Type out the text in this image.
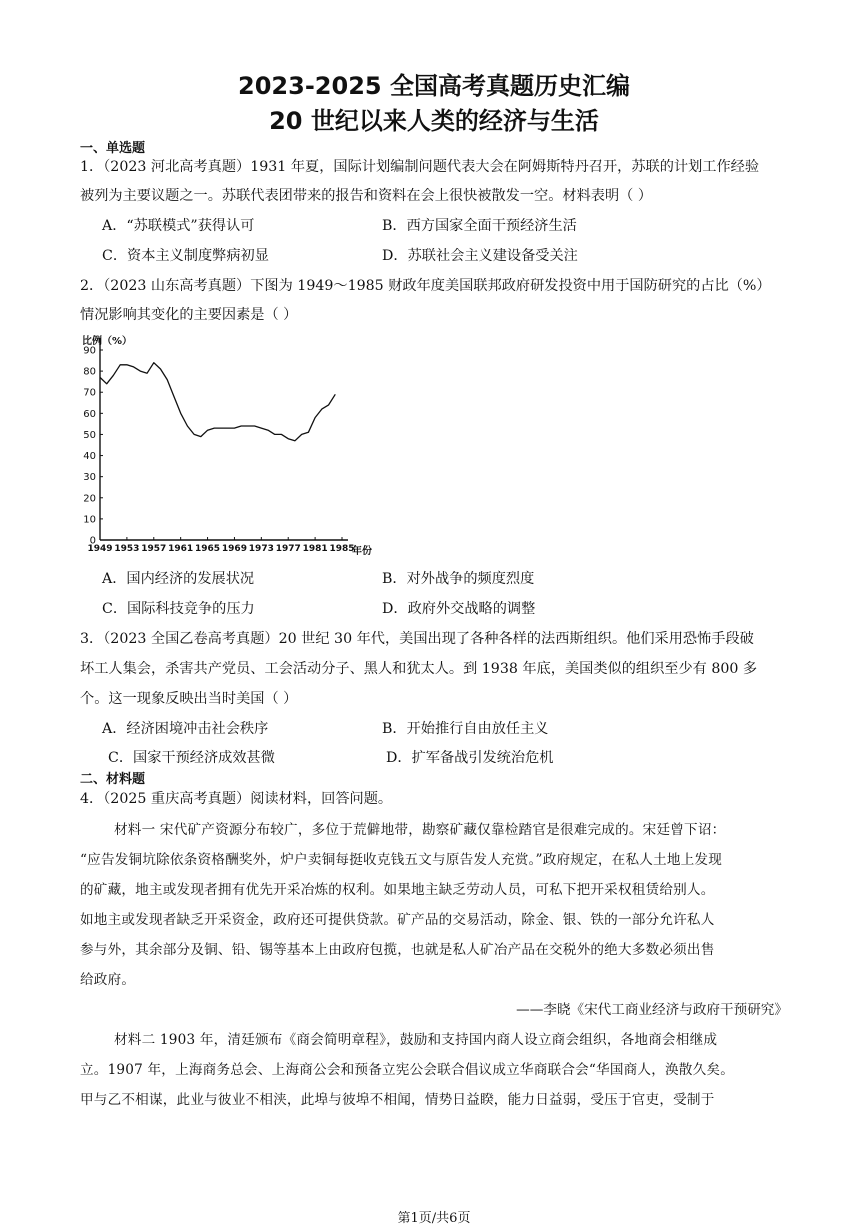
2023-2025 全国高考真题历史汇编
20 世纪以来人类的经济与生活
一、单选题
1．（2023 河北高考真题）1931 年夏，国际计划编制问题代表大会在阿姆斯特丹召开，苏联的计划工作经验
被列为主要议题之一。苏联代表团带来的报告和资料在会上很快被散发一空。材料表明（ ）
A．“苏联模式”获得认可	B．西方国家全面干预经济生活
C．资本主义制度弊病初显	D．苏联社会主义建设备受关注
2．（2023 山东高考真题）下图为 1949～1985 财政年度美国联邦政府研发投资中用于国防研究的占比（%）
情况影响其变化的主要因素是（ ）
比例（%）
年份
0
10
20
30
40
50
60
70
80
90
1949 1953 1957 1961 1965 1969 1973 1977 1981 1985
A．国内经济的发展状况	B．对外战争的频度烈度
C．国际科技竞争的压力	D．政府外交战略的调整
3．（2023 全国乙卷高考真题）20 世纪 30 年代，美国出现了各种各样的法西斯组织。他们采用恐怖手段破
坏工人集会，杀害共产党员、工会活动分子、黑人和犹太人。到 1938 年底，美国类似的组织至少有 800 多
个。这一现象反映出当时美国（ ）
A．经济困境冲击社会秩序	B．开始推行自由放任主义
C．国家干预经济成效甚微	D．扩军备战引发统治危机
二、材料题
4．（2025 重庆高考真题）阅读材料，回答问题。
材料一 宋代矿产资源分布较广，多位于荒僻地带，勘察矿藏仅靠检踏官是很难完成的。宋廷曾下诏：
“应告发铜坑除依条资格酬奖外，炉户卖铜每挺收克钱五文与原告发人充赏。”政府规定，在私人土地上发现
的矿藏，地主或发现者拥有优先开采冶炼的权利。如果地主缺乏劳动人员，可私下把开采权租赁给别人。
如地主或发现者缺乏开采资金，政府还可提供贷款。矿产品的交易活动，除金、银、铁的一部分允许私人
参与外，其余部分及铜、铅、锡等基本上由政府包揽，也就是私人矿冶产品在交税外的绝大多数必须出售
给政府。
——李晓《宋代工商业经济与政府干预研究》
材料二 1903 年，清廷颁布《商会简明章程》，鼓励和支持国内商人设立商会组织，各地商会相继成
立。1907 年，上海商务总会、上海商公会和预备立宪公会联合倡议成立华商联合会“华国商人，涣散久矣。
甲与乙不相谋，此业与彼业不相浃，此埠与彼埠不相闻，情势日益睽，能力日益弱，受压于官吏，受制于
第1页/共6页
